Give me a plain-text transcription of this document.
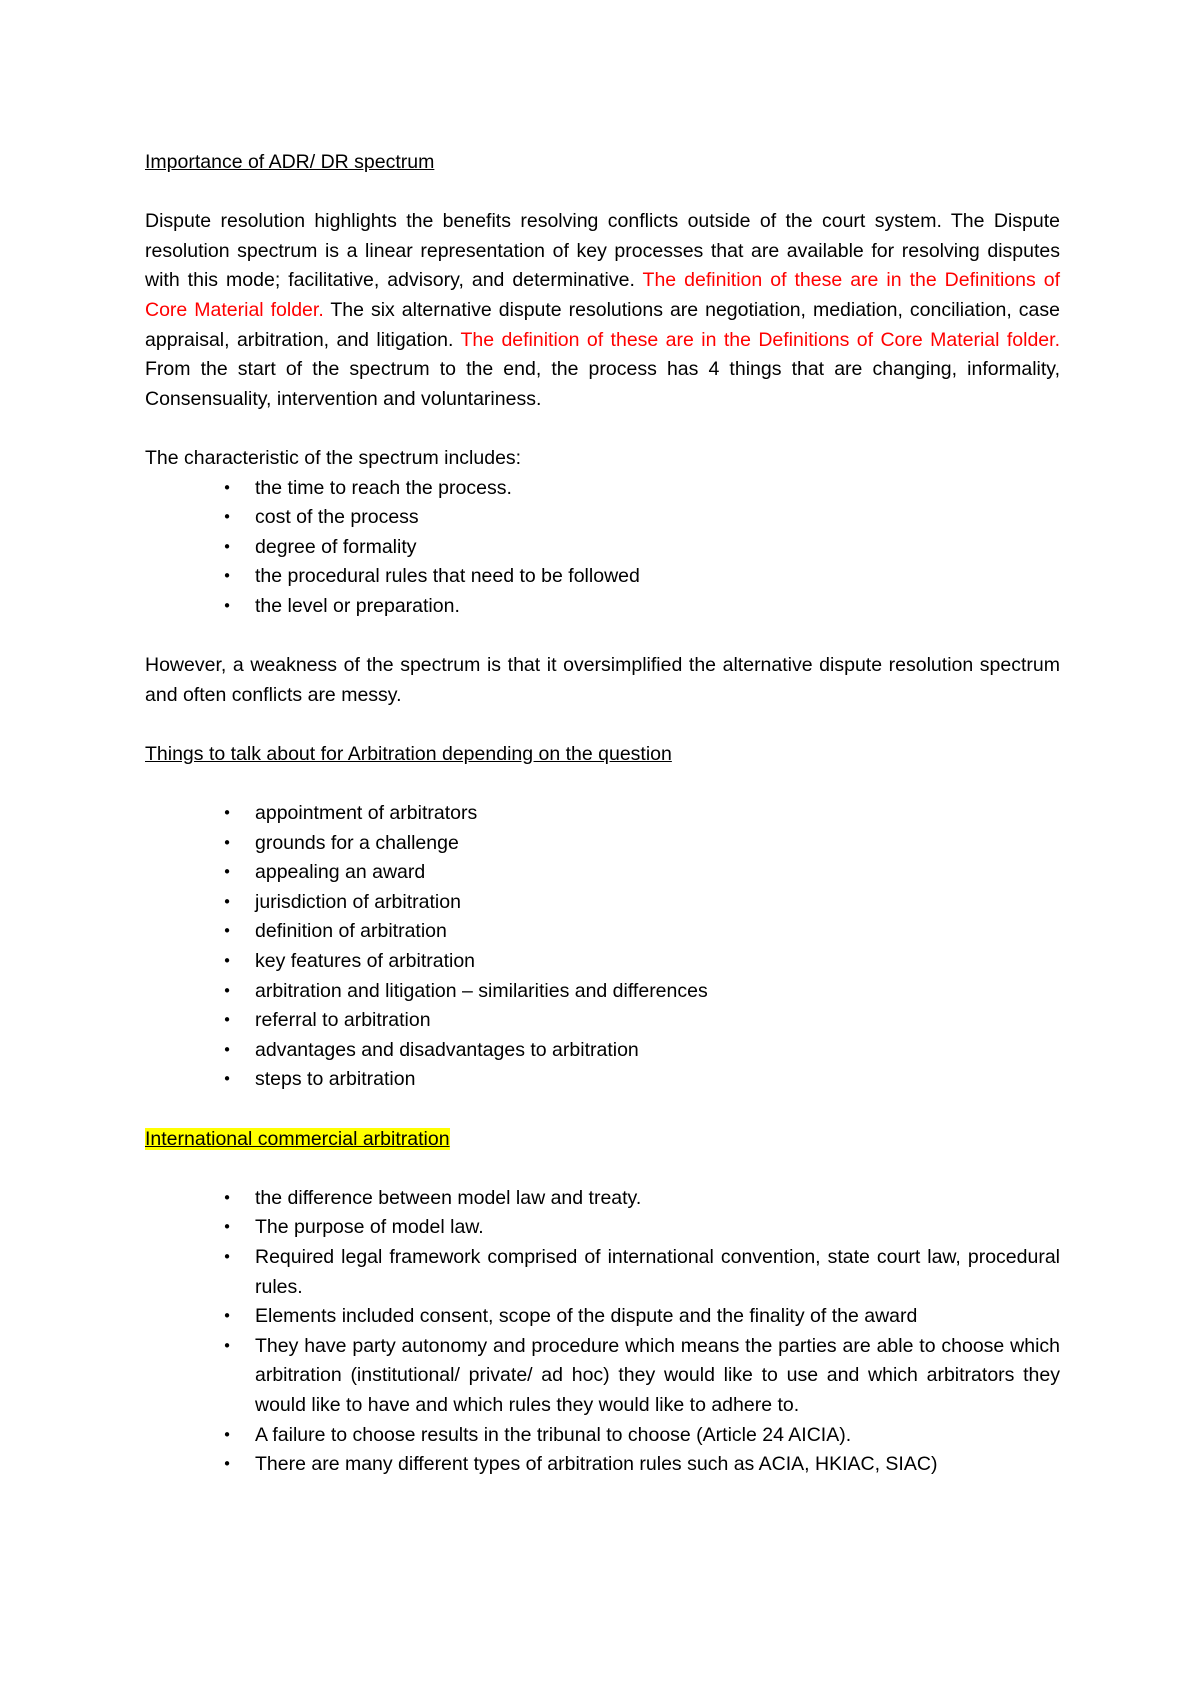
Importance of ADR/ DR spectrum

Dispute resolution highlights the benefits resolving conflicts outside of the court system. The Dispute resolution spectrum is a linear representation of key processes that are available for resolving disputes with this mode; facilitative, advisory, and determinative. The definition of these are in the Definitions of Core Material folder. The six alternative dispute resolutions are negotiation, mediation, conciliation, case appraisal, arbitration, and litigation. The definition of these are in the Definitions of Core Material folder. From the start of the spectrum to the end, the process has 4 things that are changing, informality, Consensuality, intervention and voluntariness.

The characteristic of the spectrum includes:

• the time to reach the process.
• cost of the process
• degree of formality
• the procedural rules that need to be followed
• the level or preparation.

However, a weakness of the spectrum is that it oversimplified the alternative dispute resolution spectrum and often conflicts are messy.

Things to talk about for Arbitration depending on the question

• appointment of arbitrators
• grounds for a challenge
• appealing an award
• jurisdiction of arbitration
• definition of arbitration
• key features of arbitration
• arbitration and litigation – similarities and differences
• referral to arbitration
• advantages and disadvantages to arbitration
• steps to arbitration

International commercial arbitration

• the difference between model law and treaty.
• The purpose of model law.
• Required legal framework comprised of international convention, state court law, procedural rules.
• Elements included consent, scope of the dispute and the finality of the award
• They have party autonomy and procedure which means the parties are able to choose which arbitration (institutional/ private/ ad hoc) they would like to use and which arbitrators they would like to have and which rules they would like to adhere to.
• A failure to choose results in the tribunal to choose (Article 24 AICIA).
• There are many different types of arbitration rules such as ACIA, HKIAC, SIAC)
